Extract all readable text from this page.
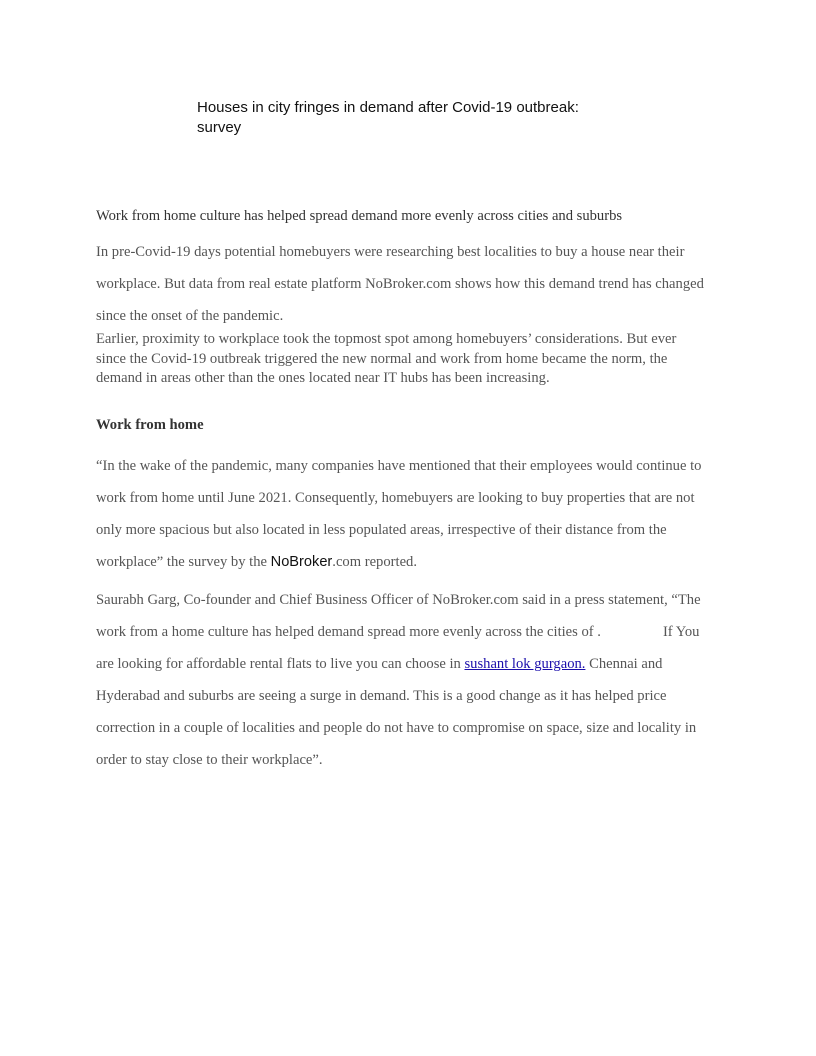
Houses in city fringes in demand after Covid-19 outbreak:
survey
Work from home culture has helped spread demand more evenly across cities and suburbs
In pre-Covid-19 days potential homebuyers were researching best localities to buy a house near their
workplace. But data from real estate platform NoBroker.com shows how this demand trend has changed
since the onset of the pandemic.
Earlier, proximity to workplace took the topmost spot among homebuyers’ considerations. But ever
since the Covid-19 outbreak triggered the new normal and work from home became the norm, the
demand in areas other than the ones located near IT hubs has been increasing.
Work from home
“In the wake of the pandemic, many companies have mentioned that their employees would continue to
work from home until June 2021. Consequently, homebuyers are looking to buy properties that are not
only more spacious but also located in less populated areas, irrespective of their distance from the
workplace” the survey by the NoBroker.com reported.
Saurabh Garg, Co-founder and Chief Business Officer of NoBroker.com said in a press statement, “The
work from a home culture has helped demand spread more evenly across the cities of .	If You
are looking for affordable rental flats to live you can choose in sushant lok gurgaon. Chennai and
Hyderabad and suburbs are seeing a surge in demand. This is a good change as it has helped price
correction in a couple of localities and people do not have to compromise on space, size and locality in
order to stay close to their workplace”.
